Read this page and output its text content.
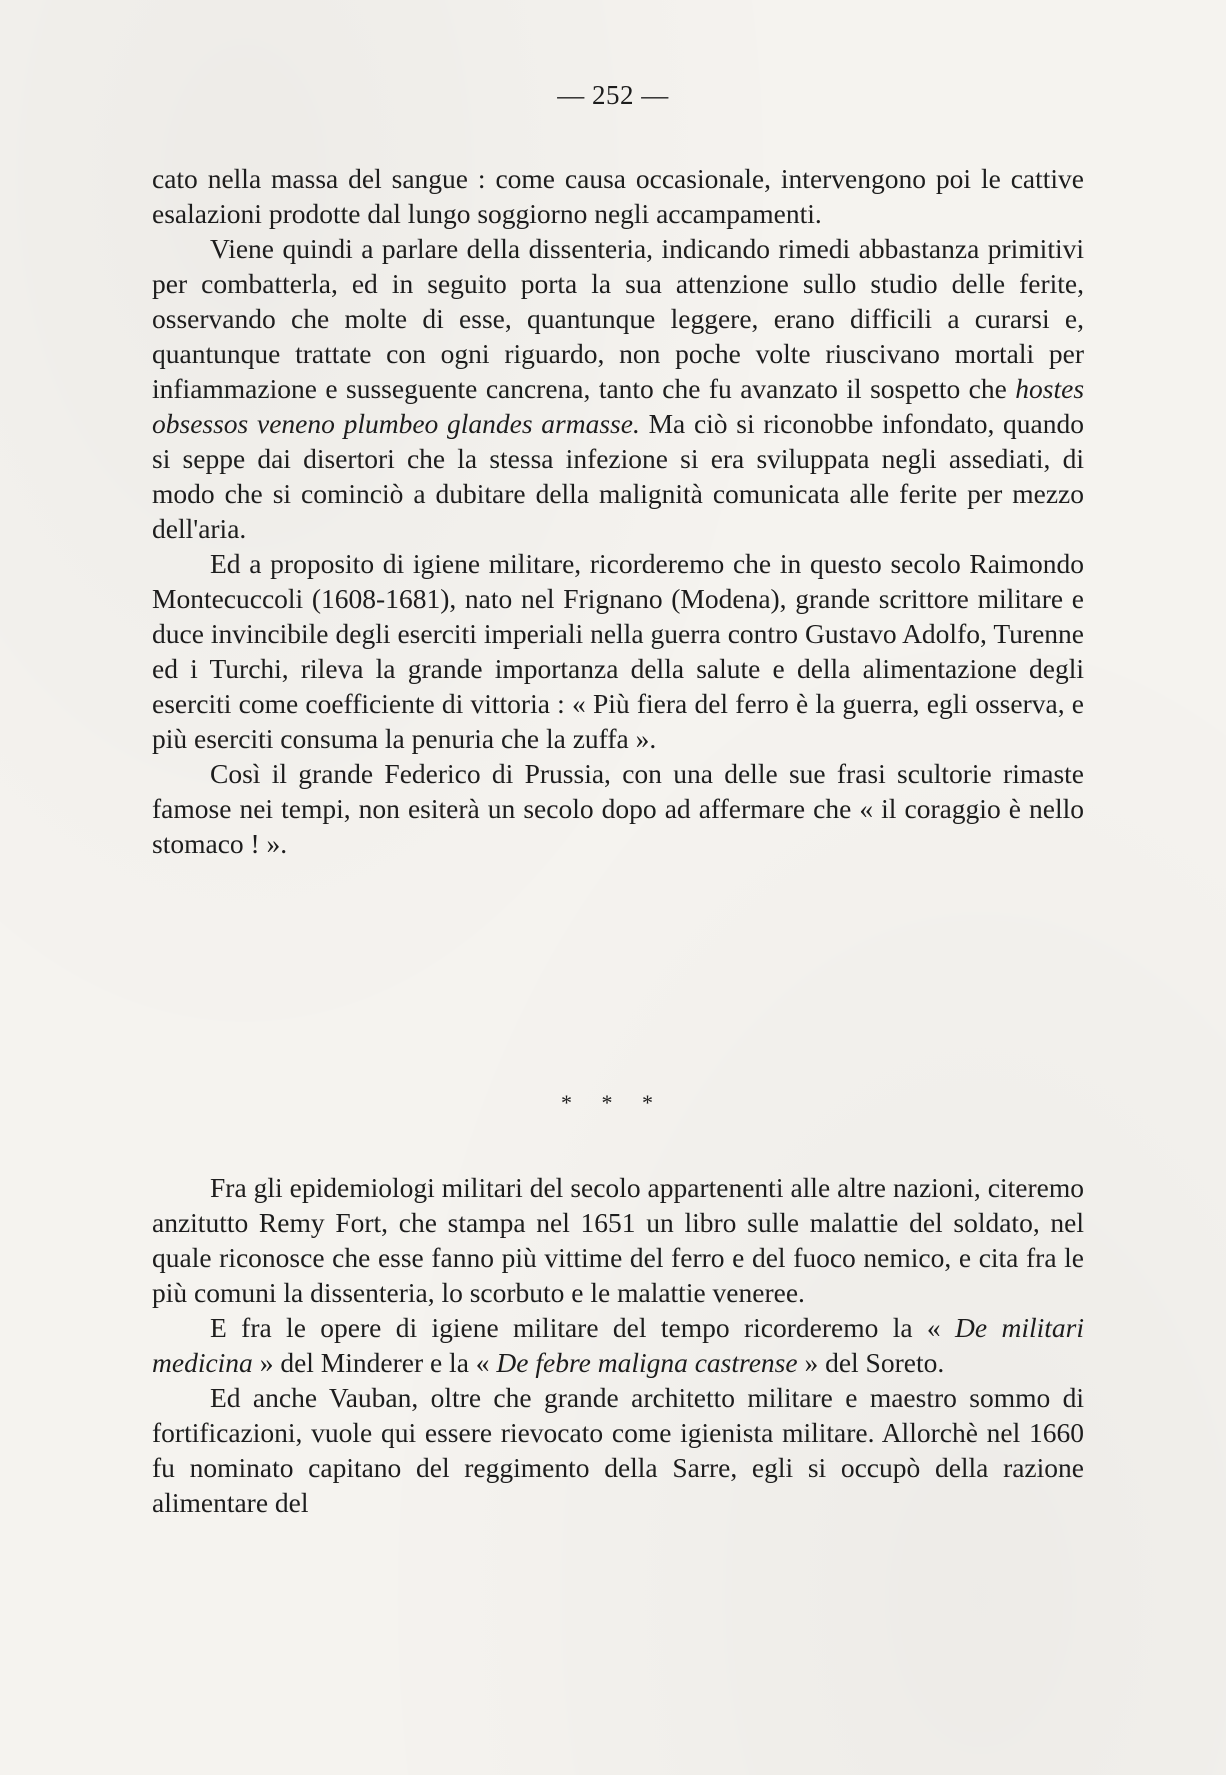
— 252 —

cato nella massa del sangue : come causa occasionale, intervengono poi le cattive esalazioni prodotte dal lungo soggiorno negli accampamenti.

Viene quindi a parlare della dissenteria, indicando rimedi abbastanza primitivi per combatterla, ed in seguito porta la sua attenzione sullo studio delle ferite, osservando che molte di esse, quantunque leggere, erano difficili a curarsi e, quantunque trattate con ogni riguardo, non poche volte riuscivano mortali per infiammazione e susseguente cancrena, tanto che fu avanzato il sospetto che hostes obsessos veneno plumbeo glandes armasse. Ma ciò si riconobbe infondato, quando si seppe dai disertori che la stessa infezione si era sviluppata negli assediati, di modo che si cominciò a dubitare della malignità comunicata alle ferite per mezzo dell'aria.

Ed a proposito di igiene militare, ricorderemo che in questo secolo Raimondo Montecuccoli (1608-1681), nato nel Frignano (Modena), grande scrittore militare e duce invincibile degli eserciti imperiali nella guerra contro Gustavo Adolfo, Turenne ed i Turchi, rileva la grande importanza della salute e della alimentazione degli eserciti come coefficiente di vittoria : « Più fiera del ferro è la guerra, egli osserva, e più eserciti consuma la penuria che la zuffa ».

Così il grande Federico di Prussia, con una delle sue frasi scultorie rimaste famose nei tempi, non esiterà un secolo dopo ad affermare che « il coraggio è nello stomaco ! ».

* * *

Fra gli epidemiologi militari del secolo appartenenti alle altre nazioni, citeremo anzitutto Remy Fort, che stampa nel 1651 un libro sulle malattie del soldato, nel quale riconosce che esse fanno più vittime del ferro e del fuoco nemico, e cita fra le più comuni la dissenteria, lo scorbuto e le malattie veneree.

E fra le opere di igiene militare del tempo ricorderemo la « De militari medicina » del Minderer e la « De febre maligna castrense » del Soreto.

Ed anche Vauban, oltre che grande architetto militare e maestro sommo di fortificazioni, vuole qui essere rievocato come igienista militare. Allorchè nel 1660 fu nominato capitano del reggimento della Sarre, egli si occupò della razione alimentare del
